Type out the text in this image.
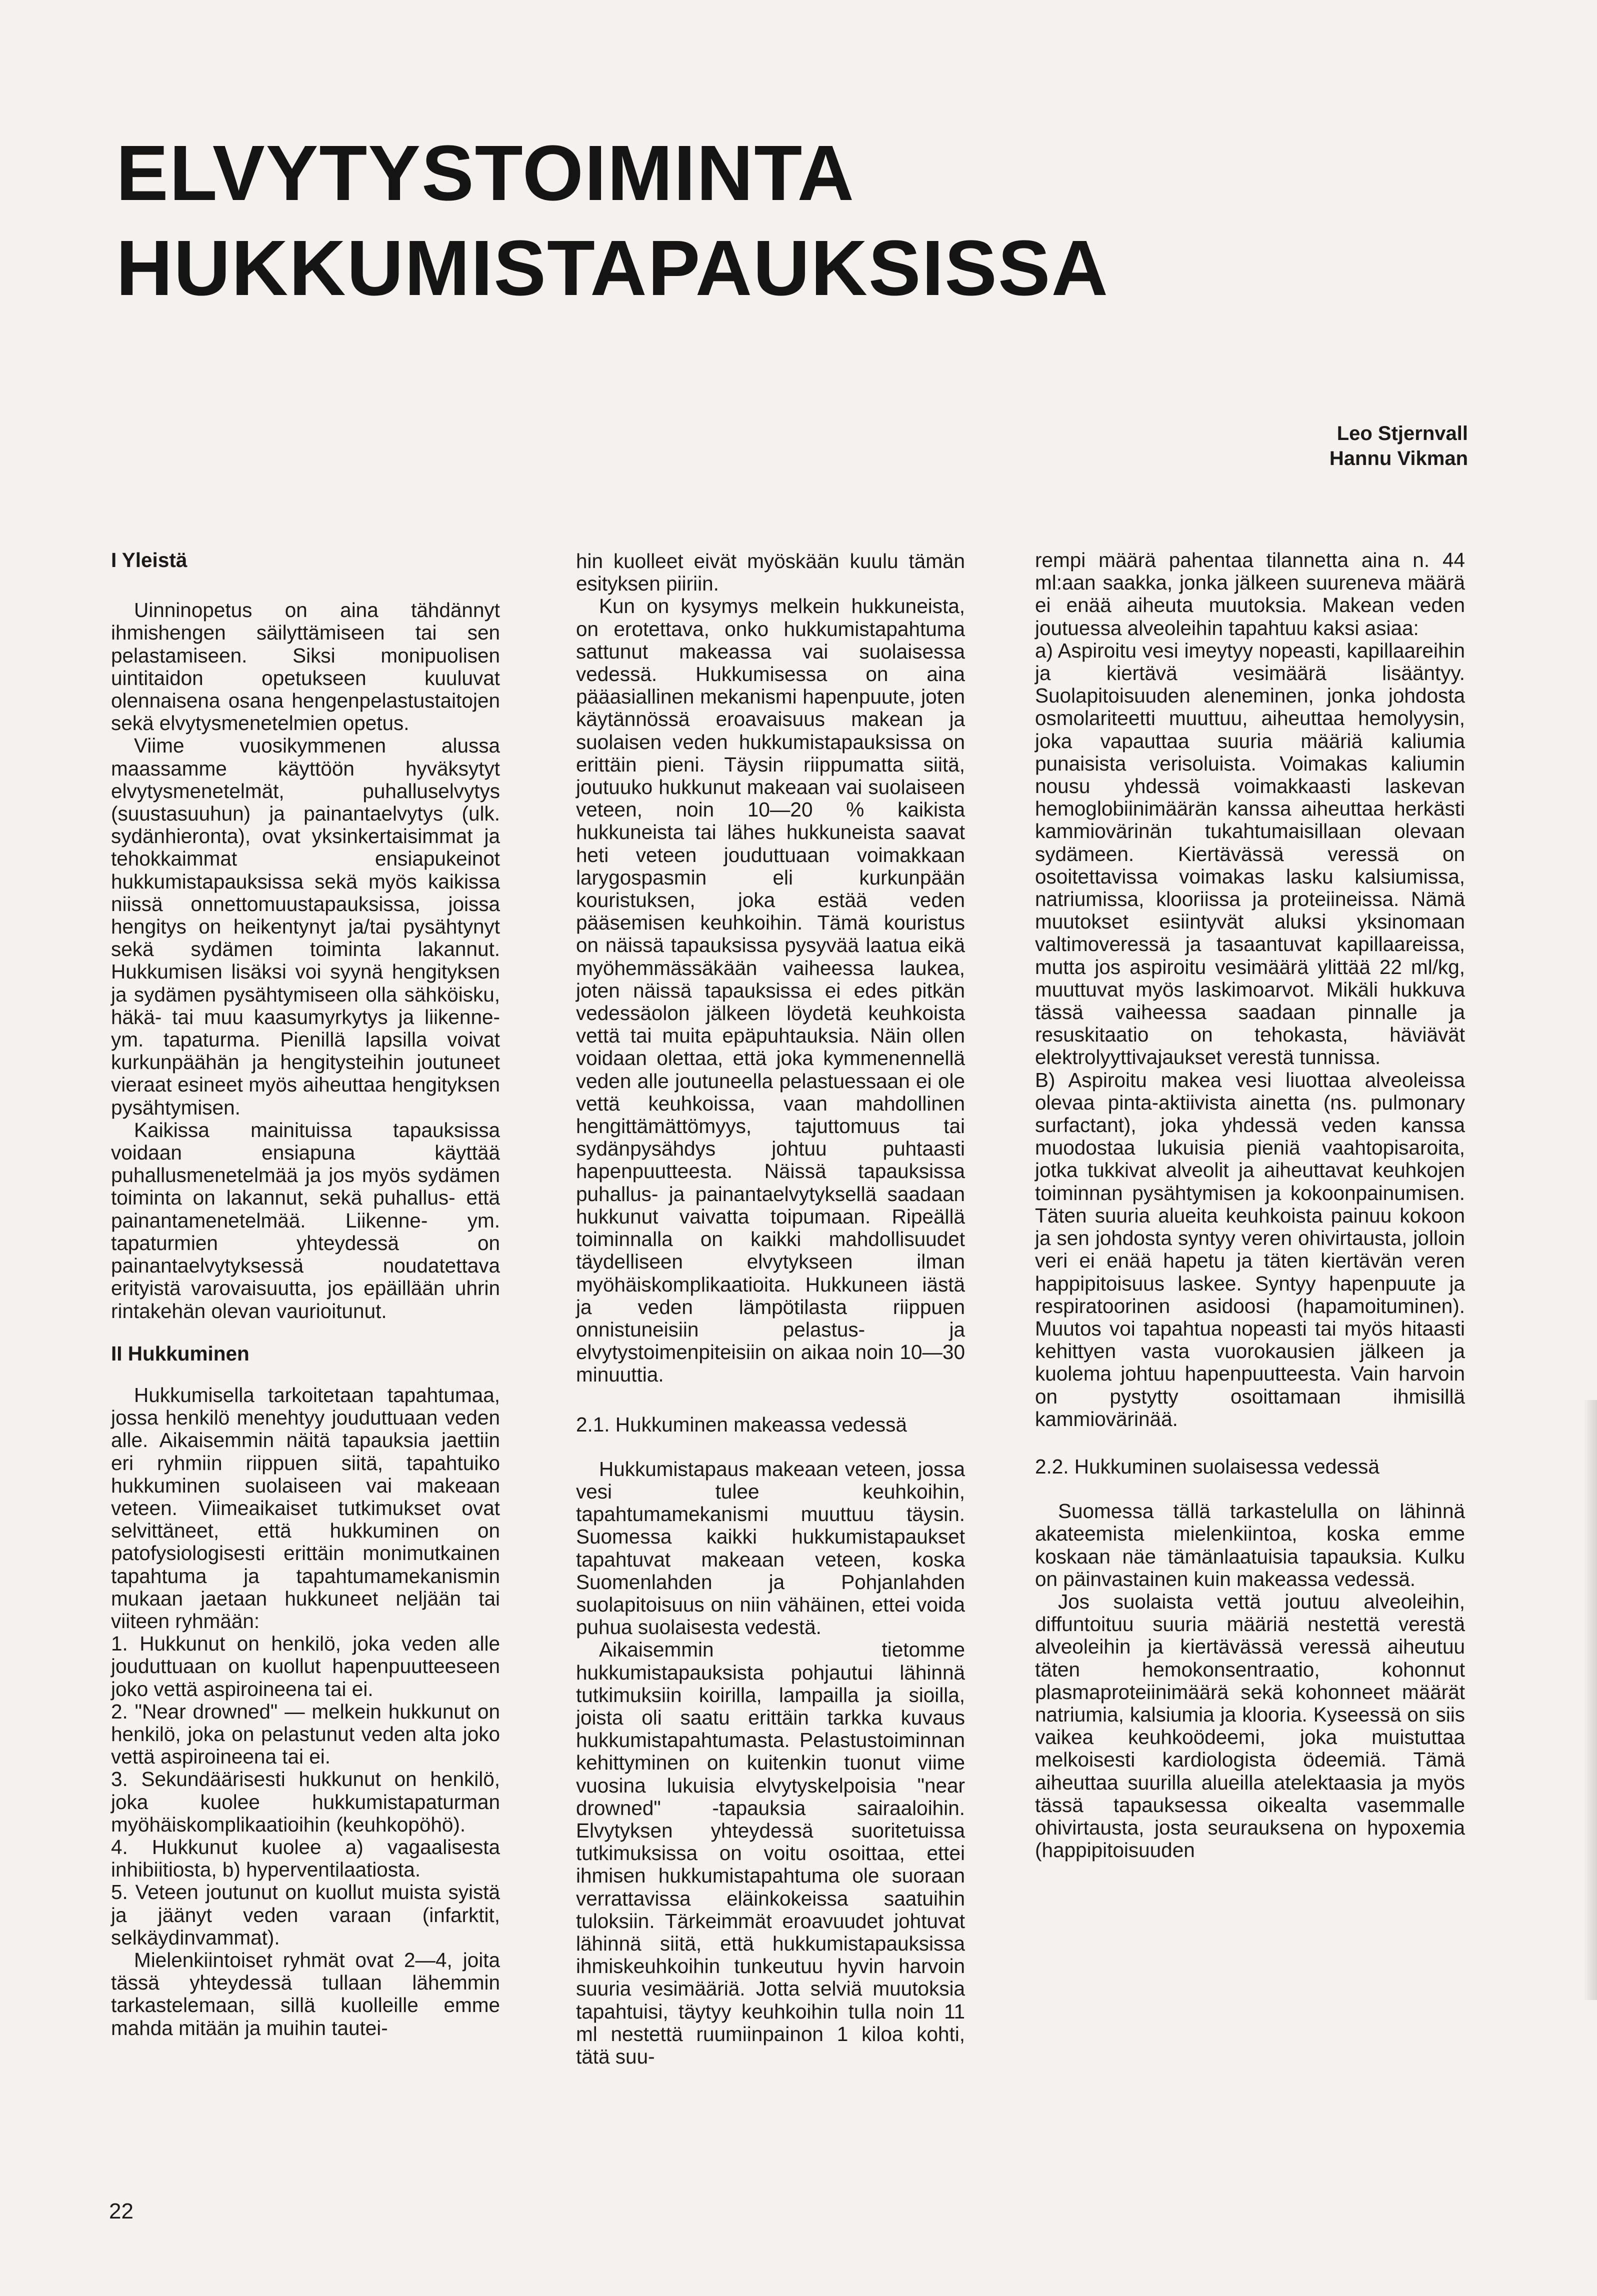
ELVYTYSTOIMINTA
HUKKUMISTAPAUKSISSA
Leo Stjernvall
Hannu Vikman
I Yleistä

Uinninopetus on aina tähdännyt ihmishengen säilyttämiseen tai sen pelastamiseen. Siksi monipuolisen uintitaidon opetukseen kuuluvat olennaisena osana hengenpelastustaitojen sekä elvytysmenetelmien opetus.

Viime vuosikymmenen alussa maassamme käyttöön hyväksytyt elvytysmenetelmät, puhalluselvytys (suustasuuhun) ja painantaelvytys (ulk. sydänhieronta), ovat yksinkertaisimmat ja tehokkaimmat ensiapukeinot hukkumistapauksissa sekä myös kaikissa niissä onnettomuustapauksissa, joissa hengitys on heikentynyt ja/tai pysähtynyt sekä sydämen toiminta lakannut. Hukkumisen lisäksi voi syynä hengityksen ja sydämen pysähtymiseen olla sähköisku, häkä- tai muu kaasumyrkytys ja liikenne- ym. tapaturma. Pienillä lapsilla voivat kurkunpäähän ja hengitysteihin joutuneet vieraat esineet myös aiheuttaa hengityksen pysähtymisen.

Kaikissa mainituissa tapauksissa voidaan ensiapuna käyttää puhallusmenetelmää ja jos myös sydämen toiminta on lakannut, sekä puhallus- että painantamenetelmää. Liikenne- ym. tapaturmien yhteydessä on painantaelvytyksessä noudatettava erityistä varovaisuutta, jos epäillään uhrin rintakehän olevan vaurioitunut.

II Hukkuminen

Hukkumisella tarkoitetaan tapahtumaa, jossa henkilö menehtyy jouduttuaan veden alle. Aikaisemmin näitä tapauksia jaettiin eri ryhmiin riippuen siitä, tapahtuiko hukkuminen suolaiseen vai makeaan veteen. Viimeaikaiset tutkimukset ovat selvittäneet, että hukkuminen on patofysiologisesti erittäin monimutkainen tapahtuma ja tapahtumamekanismin mukaan jaetaan hukkuneet neljään tai viiteen ryhmään:

1. Hukkunut on henkilö, joka veden alle jouduttuaan on kuollut hapenpuutteeseen joko vettä aspiroineena tai ei.

2. "Near drowned" — melkein hukkunut on henkilö, joka on pelastunut veden alta joko vettä aspiroineena tai ei.

3. Sekundäärisesti hukkunut on henkilö, joka kuolee hukkumistapaturman myöhäiskomplikaatioihin (keuhkopöhö).

4. Hukkunut kuolee a) vagaalisesta inhibiitiosta, b) hyperventilaatiosta.

5. Veteen joutunut on kuollut muista syistä ja jäänyt veden varaan (infarktit, selkäydinvammat).

Mielenkiintoiset ryhmät ovat 2—4, joita tässä yhteydessä tullaan lähemmin tarkastelemaan, sillä kuolleille emme mahda mitään ja muihin tautei-

hin kuolleet eivät myöskään kuulu tämän esityksen piiriin.

Kun on kysymys melkein hukkuneista, on erotettava, onko hukkumistapahtuma sattunut makeassa vai suolaisessa vedessä. Hukkumisessa on aina pääasiallinen mekanismi hapenpuute, joten käytännössä eroavaisuus makean ja suolaisen veden hukkumistapauksissa on erittäin pieni. Täysin riippumatta siitä, joutuuko hukkunut makeaan vai suolaiseen veteen, noin 10—20 % kaikista hukkuneista tai lähes hukkuneista saavat heti veteen jouduttuaan voimakkaan larygospasmin eli kurkunpään kouristuksen, joka estää veden pääsemisen keuhkoihin. Tämä kouristus on näissä tapauksissa pysyvää laatua eikä myöhemmässäkään vaiheessa laukea, joten näissä tapauksissa ei edes pitkän vedessäolon jälkeen löydetä keuhkoista vettä tai muita epäpuhtauksia. Näin ollen voidaan olettaa, että joka kymmenennellä veden alle joutuneella pelastuessaan ei ole vettä keuhkoissa, vaan mahdollinen hengittämättömyys, tajuttomuus tai sydänpysähdys johtuu puhtaasti hapenpuutteesta. Näissä tapauksissa puhallus- ja painantaelvytyksellä saadaan hukkunut vaivatta toipumaan. Ripeällä toiminnalla on kaikki mahdollisuudet täydelliseen elvytykseen ilman myöhäiskomplikaatioita. Hukkuneen iästä ja veden lämpötilasta riippuen onnistuneisiin pelastus- ja elvytystoimenpiteisiin on aikaa noin 10—30 minuuttia.

2.1. Hukkuminen makeassa vedessä

Hukkumistapaus makeaan veteen, jossa vesi tulee keuhkoihin, tapahtumamekanismi muuttuu täysin. Suomessa kaikki hukkumistapaukset tapahtuvat makeaan veteen, koska Suomenlahden ja Pohjanlahden suolapitoisuus on niin vähäinen, ettei voida puhua suolaisesta vedestä.

Aikaisemmin tietomme hukkumistapauksista pohjautui lähinnä tutkimuksiin koirilla, lampailla ja sioilla, joista oli saatu erittäin tarkka kuvaus hukkumistapahtumasta. Pelastustoiminnan kehittyminen on kuitenkin tuonut viime vuosina lukuisia elvytyskelpoisia "near drowned" -tapauksia sairaaloihin. Elvytyksen yhteydessä suoritetuissa tutkimuksissa on voitu osoittaa, ettei ihmisen hukkumistapahtuma ole suoraan verrattavissa eläinkokeissa saatuihin tuloksiin. Tärkeimmät eroavuudet johtuvat lähinnä siitä, että hukkumistapauksissa ihmiskeuhkoihin tunkeutuu hyvin harvoin suuria vesimääriä. Jotta selviä muutoksia tapahtuisi, täytyy keuhkoihin tulla noin 11 ml nestettä ruumiinpainon 1 kiloa kohti, tätä suu-

rempi määrä pahentaa tilannetta aina n. 44 ml:aan saakka, jonka jälkeen suureneva määrä ei enää aiheuta muutoksia. Makean veden joutuessa alveoleihin tapahtuu kaksi asiaa:

a) Aspiroitu vesi imeytyy nopeasti, kapillaareihin ja kiertävä vesimäärä lisääntyy. Suolapitoisuuden aleneminen, jonka johdosta osmolariteetti muuttuu, aiheuttaa hemolyysin, joka vapauttaa suuria määriä kaliumia punaisista verisoluista. Voimakas kaliumin nousu yhdessä voimakkaasti laskevan hemoglobiinimäärän kanssa aiheuttaa herkästi kammiovärinän tukahtumaisillaan olevaan sydämeen. Kiertävässä veressä on osoitettavissa voimakas lasku kalsiumissa, natriumissa, klooriissa ja proteiineissa. Nämä muutokset esiintyvät aluksi yksinomaan valtimoveressä ja tasaantuvat kapillaareissa, mutta jos aspiroitu vesimäärä ylittää 22 ml/kg, muuttuvat myös laskimoarvot. Mikäli hukkuva tässä vaiheessa saadaan pinnalle ja resuskitaatio on tehokasta, häviävät elektrolyyttivajaukset verestä tunnissa.

B) Aspiroitu makea vesi liuottaa alveoleissa olevaa pinta-aktiivista ainetta (ns. pulmonary surfactant), joka yhdessä veden kanssa muodostaa lukuisia pieniä vaahtopisaroita, jotka tukkivat alveolit ja aiheuttavat keuhkojen toiminnan pysähtymisen ja kokoonpainumisen. Täten suuria alueita keuhkoista painuu kokoon ja sen johdosta syntyy veren ohivirtausta, jolloin veri ei enää hapetu ja täten kiertävän veren happipitoisuus laskee. Syntyy hapenpuute ja respiratoorinen asidoosi (hapamoituminen). Muutos voi tapahtua nopeasti tai myös hitaasti kehittyen vasta vuorokausien jälkeen ja kuolema johtuu hapenpuutteesta. Vain harvoin on pystytty osoittamaan ihmisillä kammiovärinää.

2.2. Hukkuminen suolaisessa vedessä

Suomessa tällä tarkastelulla on lähinnä akateemista mielenkiintoa, koska emme koskaan näe tämänlaatuisia tapauksia. Kulku on päinvastainen kuin makeassa vedessä.

Jos suolaista vettä joutuu alveoleihin, diffuntoituu suuria määriä nestettä verestä alveoleihin ja kiertävässä veressä aiheutuu täten hemokonsentraatio, kohonnut plasmaproteiinimäärä sekä kohonneet määrät natriumia, kalsiumia ja klooria. Kyseessä on siis vaikea keuhkoödeemi, joka muistuttaa melkoisesti kardiologista ödeemiä. Tämä aiheuttaa suurilla alueilla atelektaasia ja myös tässä tapauksessa oikealta vasemmalle ohivirtausta, josta seurauksena on hypoxemia (happipitoisuuden

22
